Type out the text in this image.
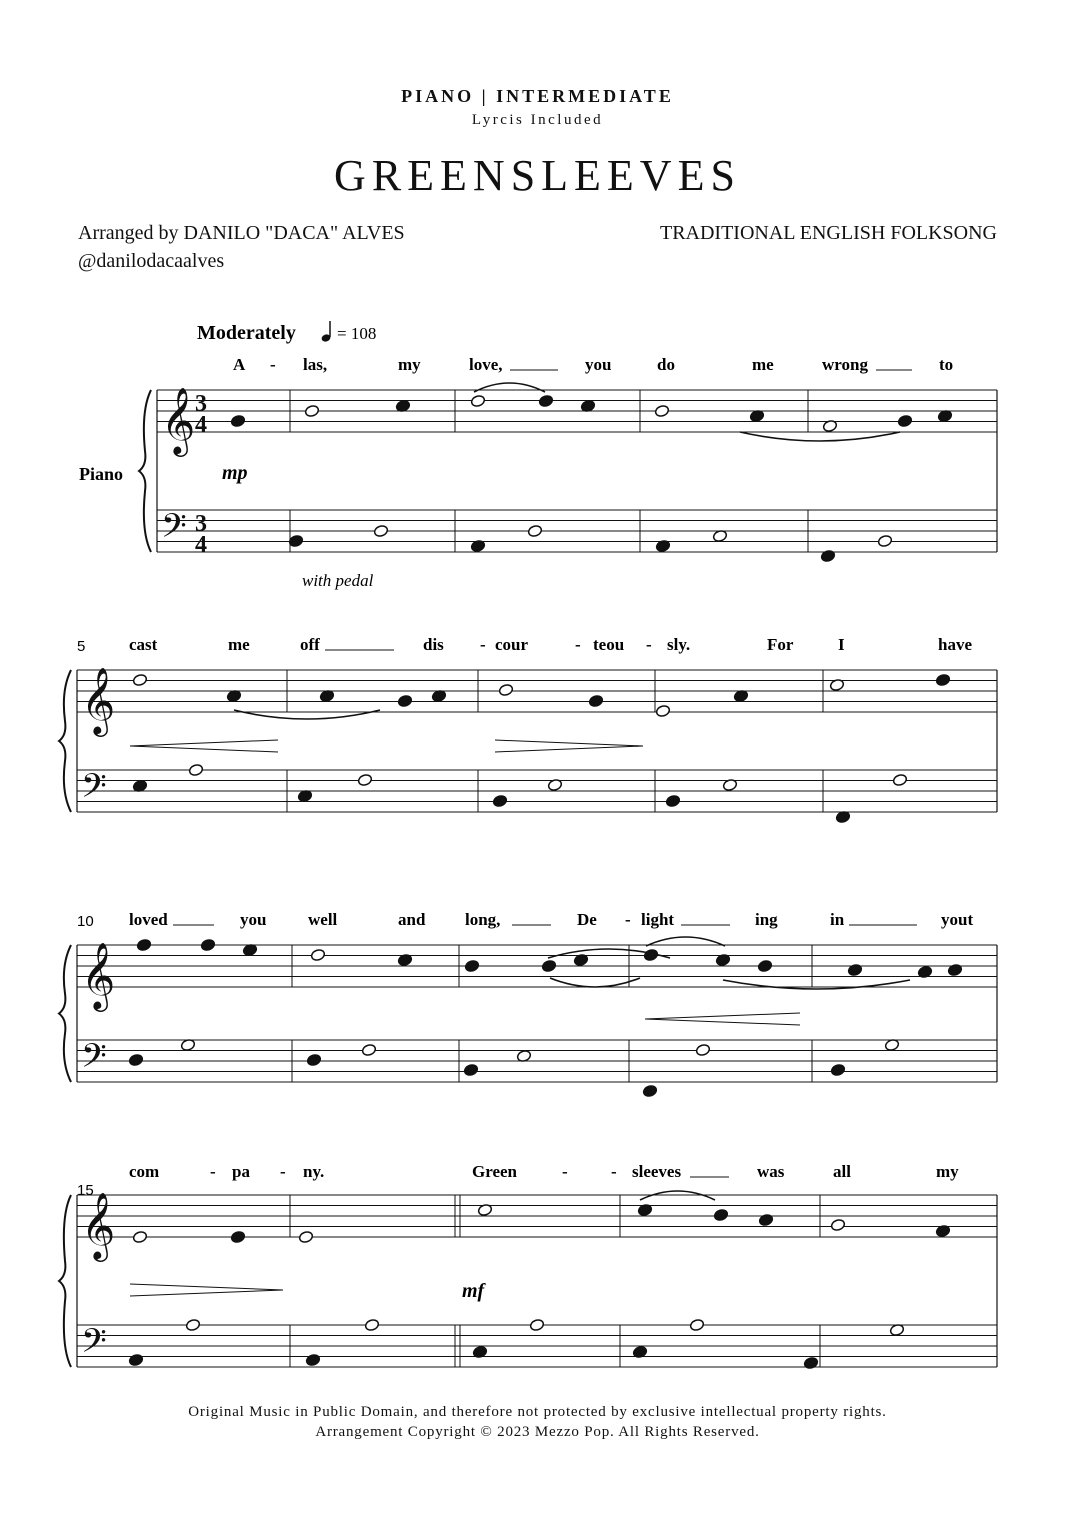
PIANO | INTERMEDIATE
Lyrcis Included
GREENSLEEVES
Arranged by DANILO "DACA" ALVES
@danilodacaalves
TRADITIONAL ENGLISH FOLKSONG
Moderately = 108
Piano
with pedal
mp
mf
5
10
15
A - las,	my	love,	you	do	me	wrong	to
cast	me	off	dis - cour	- teou - sly.	For	I	have
loved	you well	and long,	De - light	ing	in	yout
com	- pa - ny.	Green	-	- sleeves	was	all	my
𝄞
𝄢
𝄞
𝄢
𝄞
𝄢
𝄞
𝄢
3
4
3
4
Original Music in Public Domain, and therefore not protected by exclusive intellectual property rights.
Arrangement Copyright © 2023 Mezzo Pop. All Rights Reserved.
